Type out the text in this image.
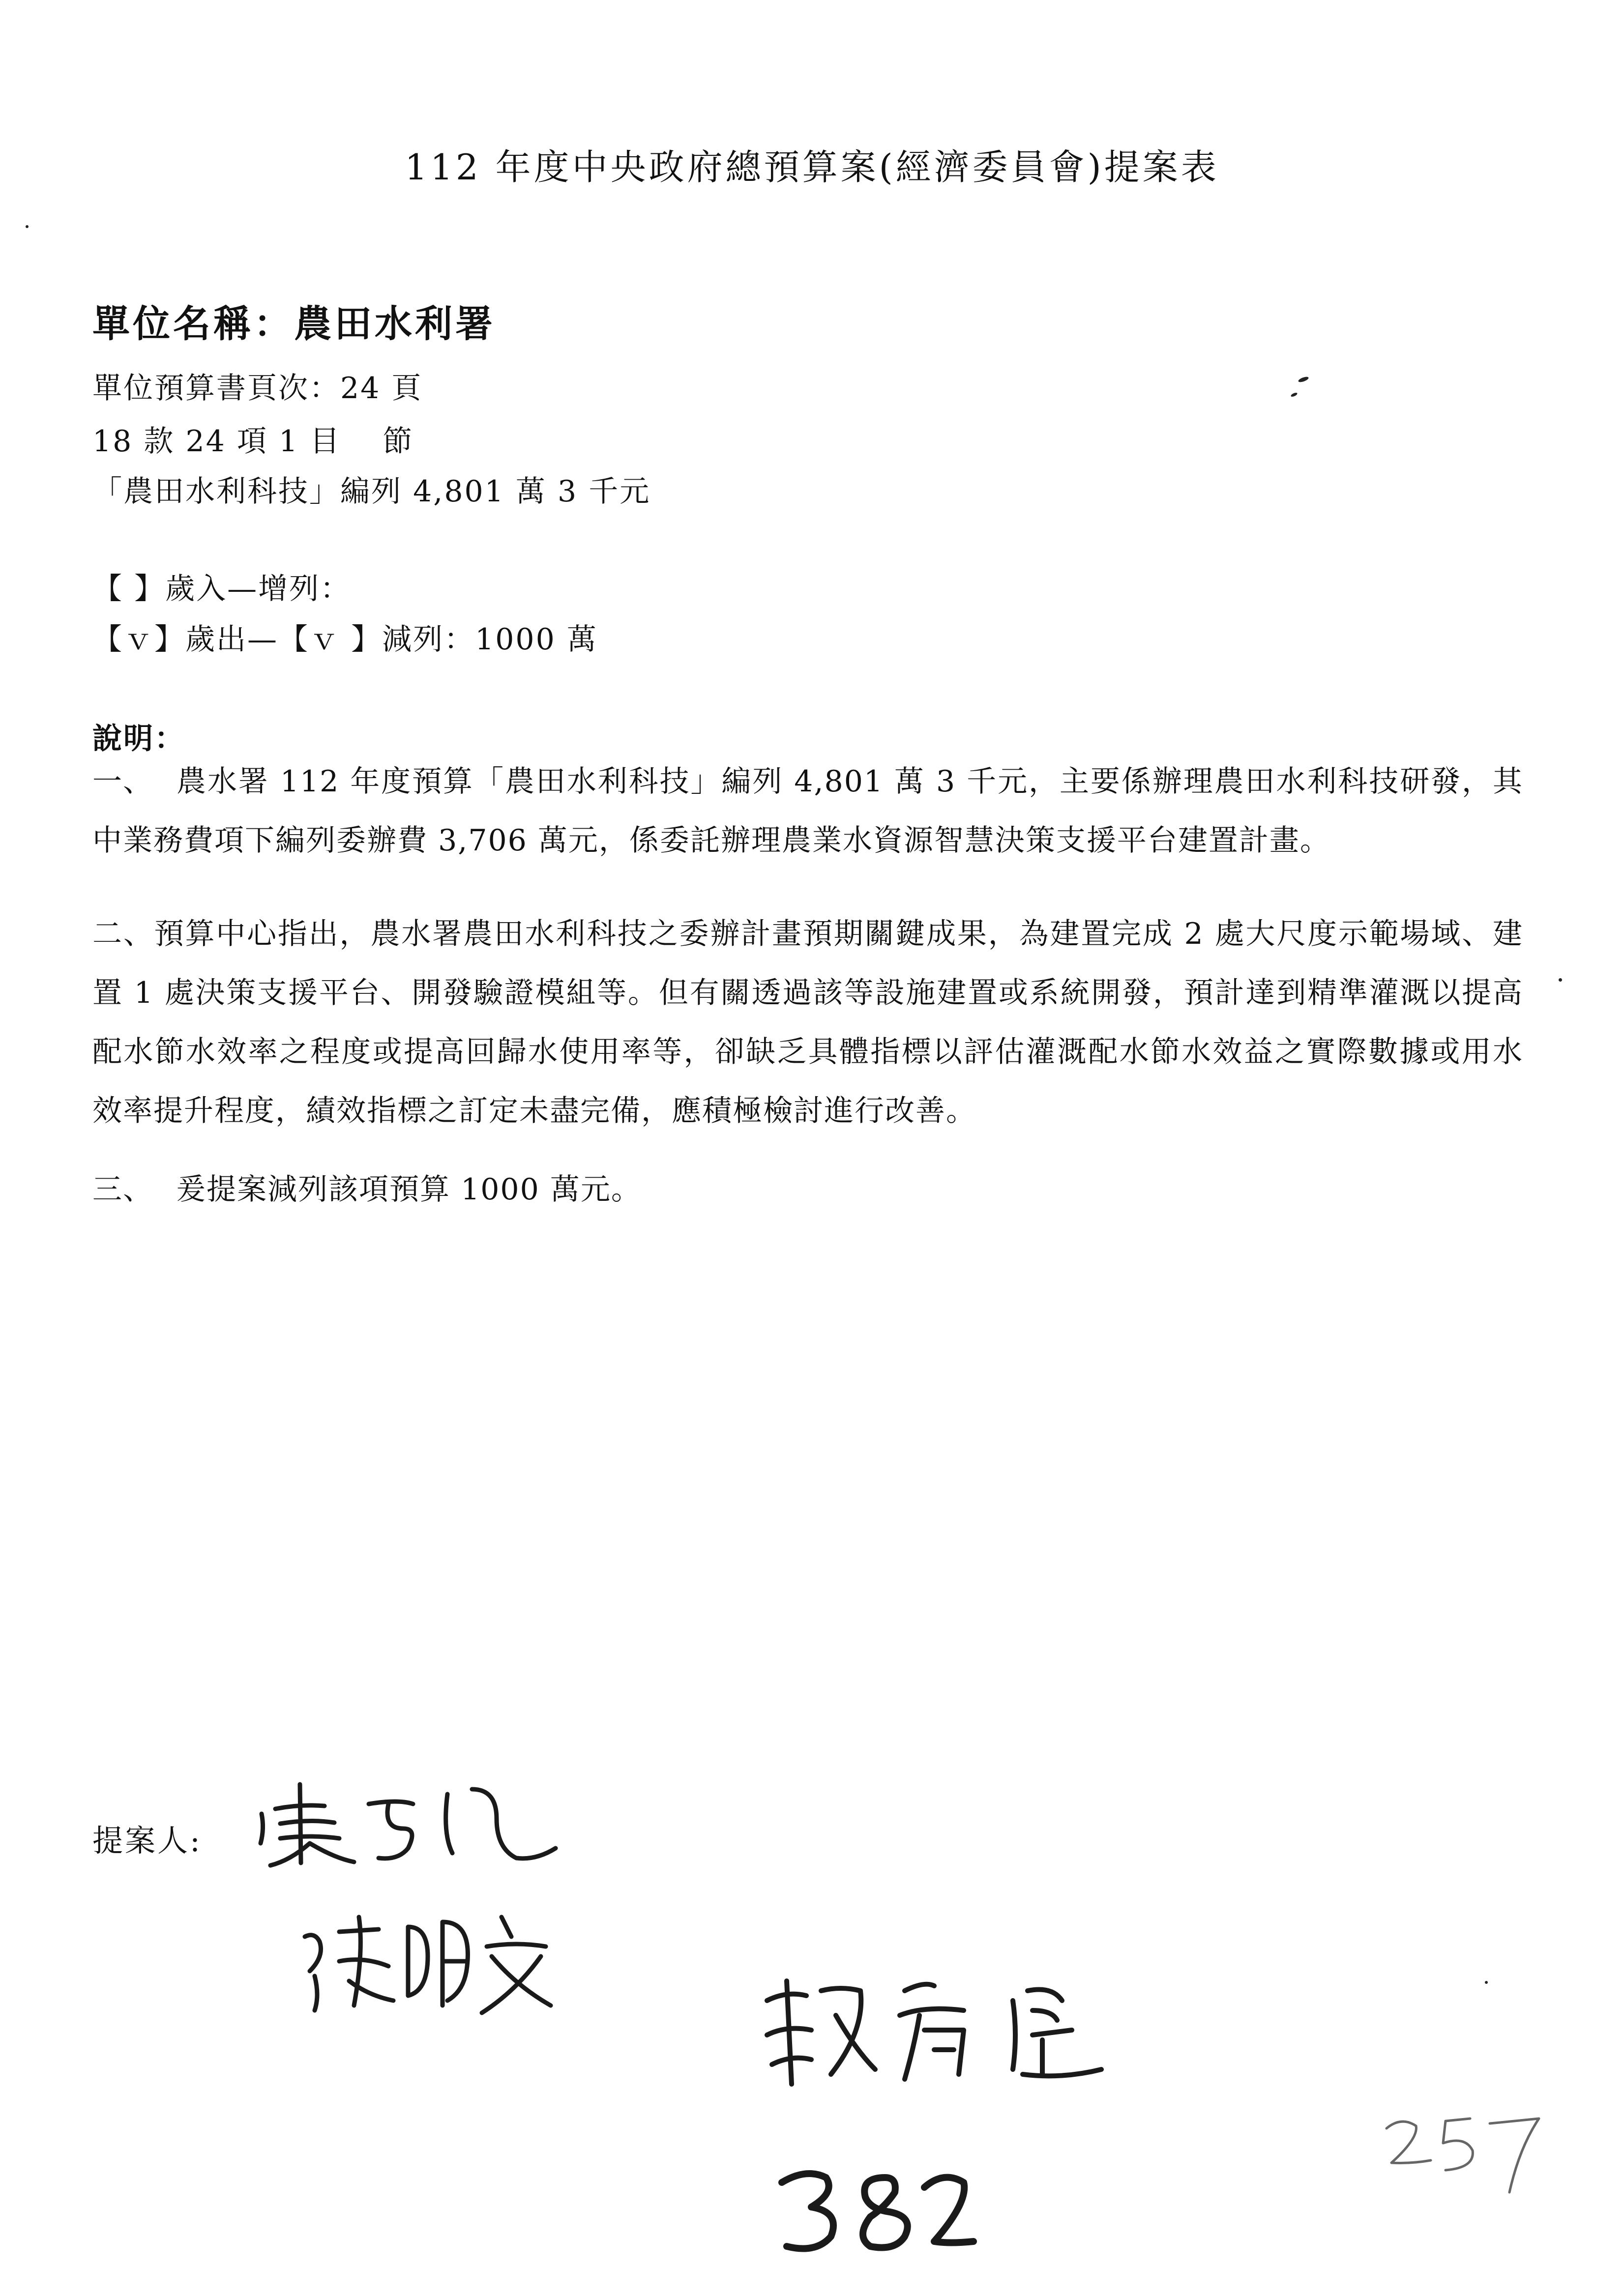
112 年度中央政府總預算案(經濟委員會)提案表
單位名稱：農田水利署
單位預算書頁次：24 頁
18 款 24 項 1 目 　節
「農田水利科技」編列 4,801 萬 3 千元
【 】歲入—增列：
【ｖ】歲出—【ｖ 】減列：1000 萬
說明：
一、 農水署 112 年度預算「農田水利科技」編列 4,801 萬 3 千元，主要係辦理農田水利科技研發，其中業務費項下編列委辦費 3,706 萬元，係委託辦理農業水資源智慧決策支援平台建置計畫。
二、預算中心指出，農水署農田水利科技之委辦計畫預期關鍵成果，為建置完成 2 處大尺度示範場域、建置 1 處決策支援平台、開發驗證模組等。但有關透過該等設施建置或系統開發，預計達到精準灌溉以提高配水節水效率之程度或提高回歸水使用率等，卻缺乏具體指標以評估灌溉配水節水效益之實際數據或用水效率提升程度，績效指標之訂定未盡完備，應積極檢討進行改善。
三、 爰提案減列該項預算 1000 萬元。
提案人:
